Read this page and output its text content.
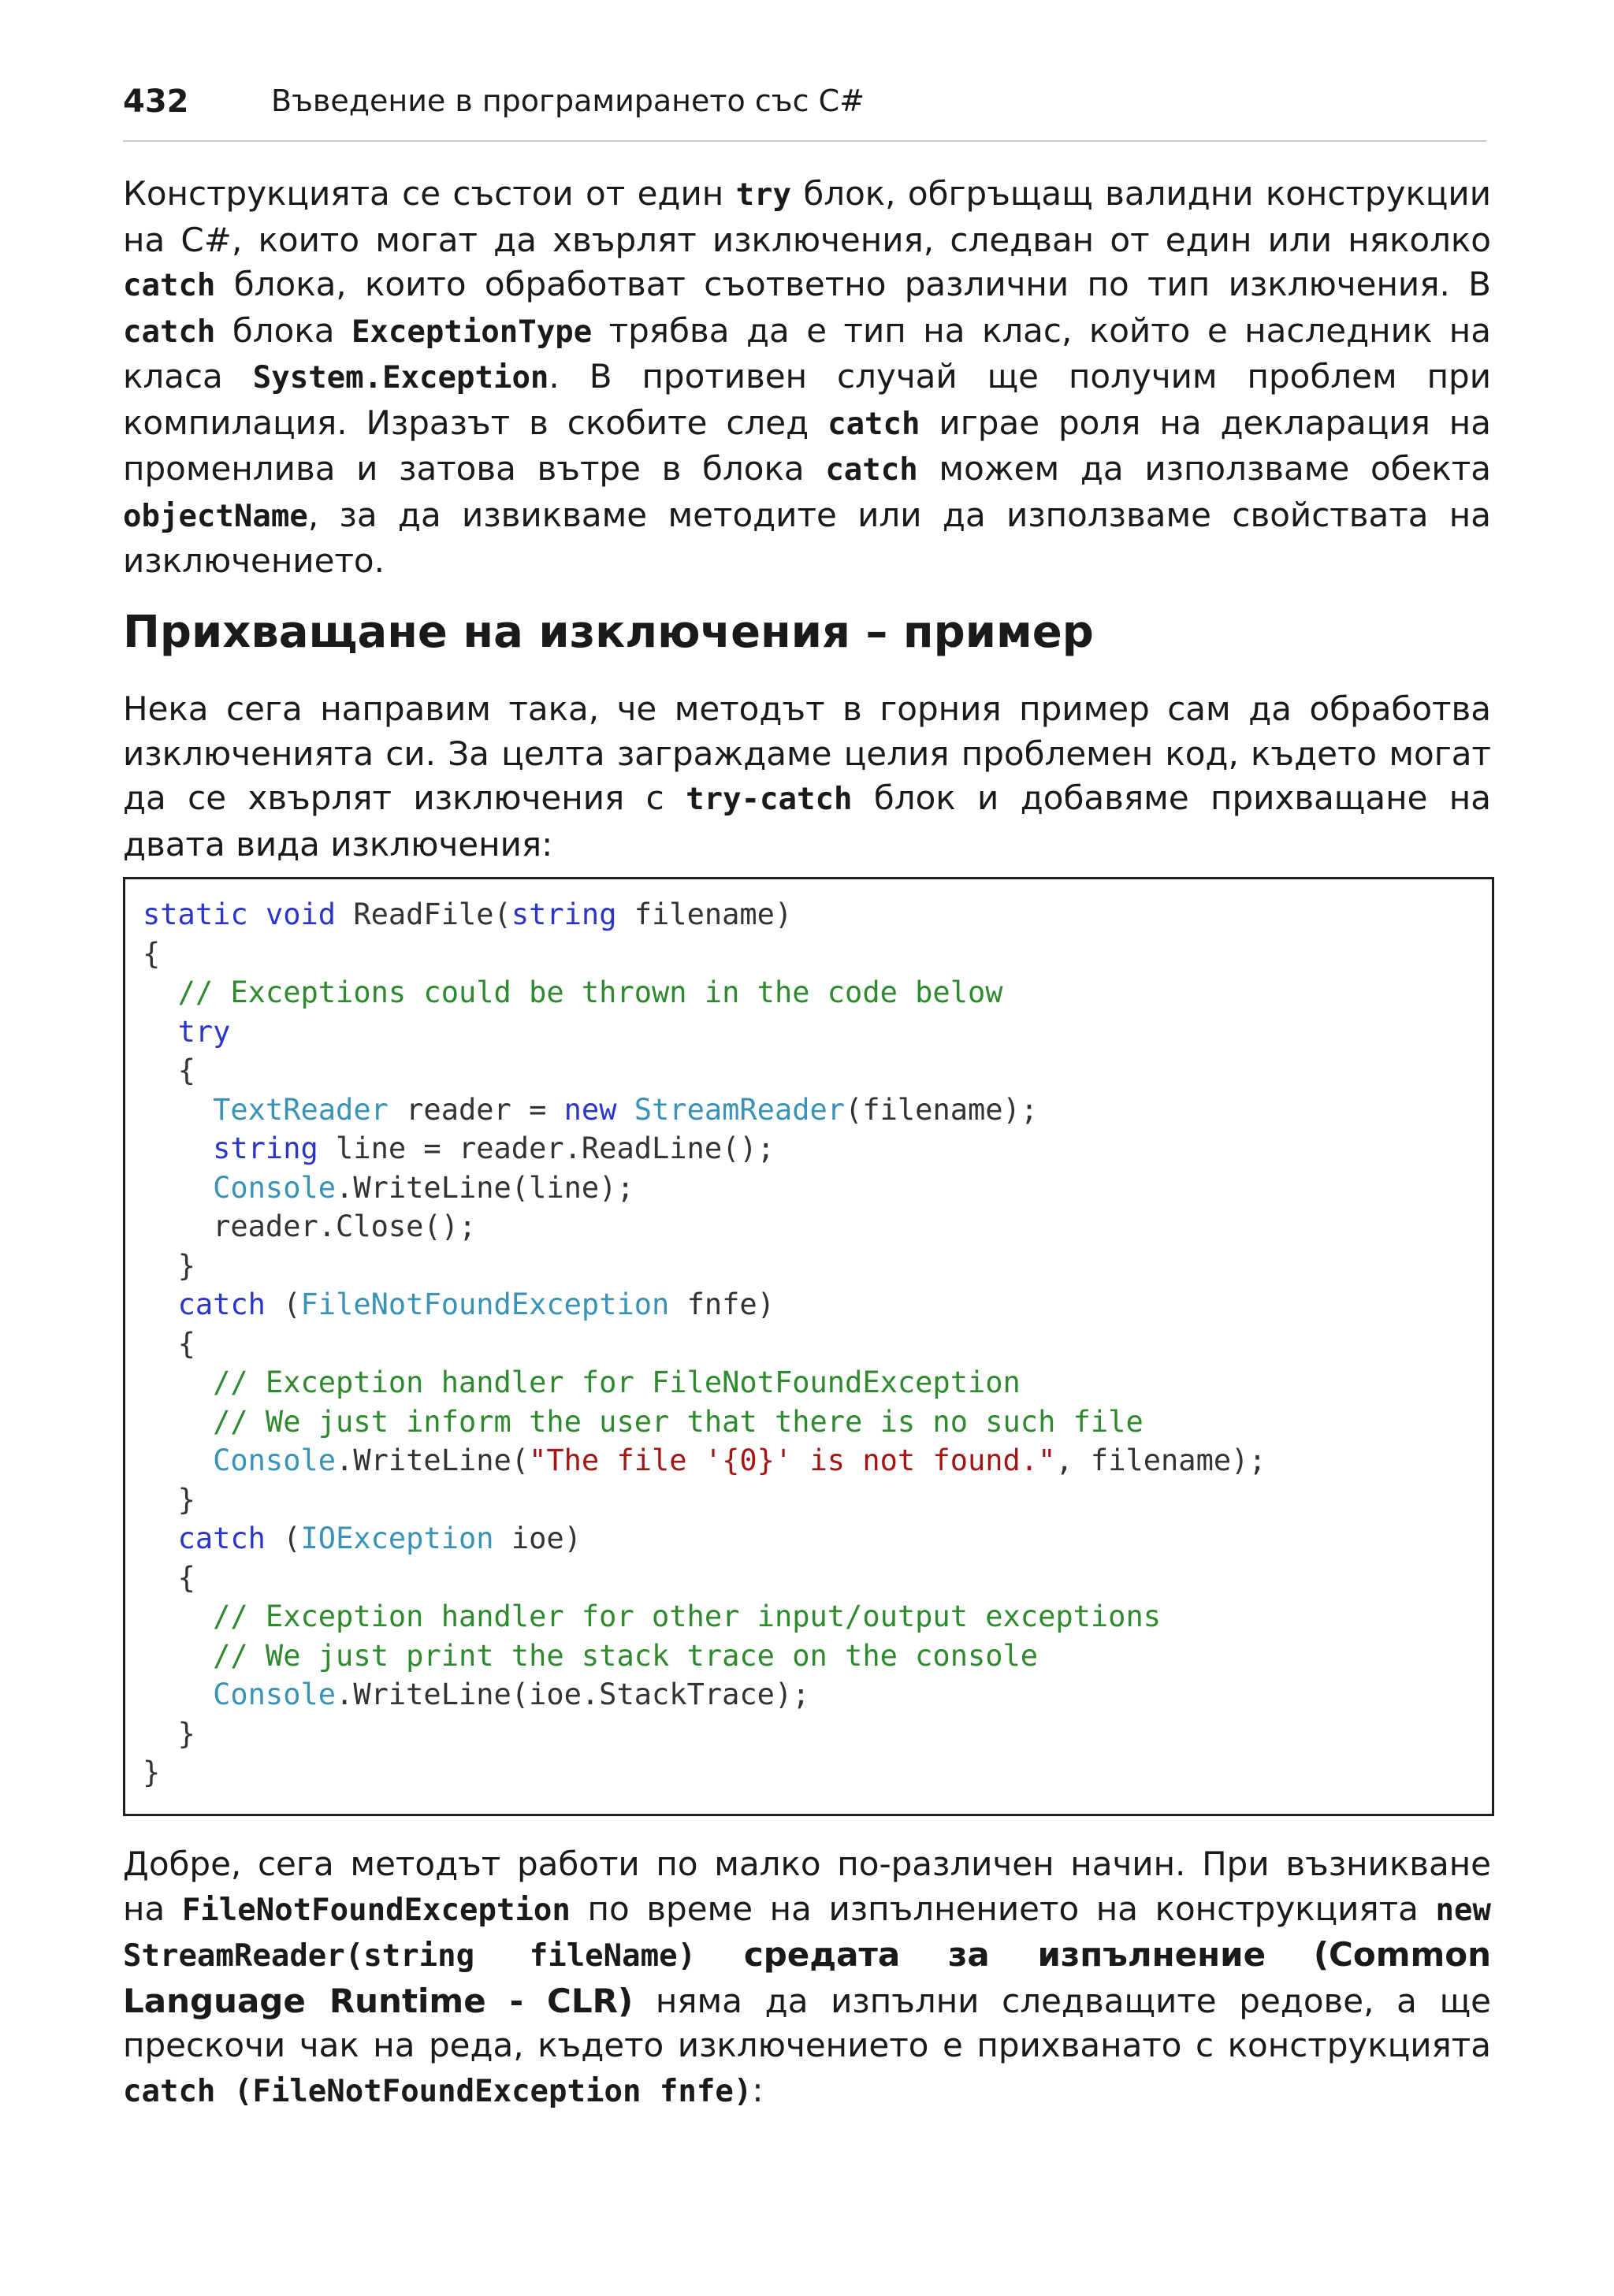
432	Въведение в програмирането със C#

Конструкцията се състои от един try блок, обгръщащ валидни конструкции на C#, които могат да хвърлят изключения, следван от един или няколко catch блока, които обработват съответно различни по тип изключения. В catch блока ExceptionType трябва да е тип на клас, който е наследник на класа System.Exception. В противен случай ще получим проблем при компилация. Изразът в скобите след catch играе роля на декларация на променлива и затова вътре в блока catch можем да използваме обекта objectName, за да извикваме методите или да използваме свойствата на изключението.

Прихващане на изключения – пример

Нека сега направим така, че методът в горния пример сам да обработва изключенията си. За целта заграждаме целия проблемен код, където могат да се хвърлят изключения с try-catch блок и добавяме прихващане на двата вида изключения:

static void ReadFile(string filename)
{
// Exceptions could be thrown in the code below
try
{
TextReader reader = new StreamReader(filename);
string line = reader.ReadLine();
Console.WriteLine(line);
reader.Close();
}
catch (FileNotFoundException fnfe)
{
// Exception handler for FileNotFoundException
// We just inform the user that there is no such file
Console.WriteLine("The file '{0}' is not found.", filename);
}
catch (IOException ioe)
{
// Exception handler for other input/output exceptions
// We just print the stack trace on the console
Console.WriteLine(ioe.StackTrace);
}
}

Добре, сега методът работи по малко по-различен начин. При възникване на FileNotFoundException по време на изпълнението на конструкцията new StreamReader(string fileName) средата за изпълнение (Common Language Runtime - CLR) няма да изпълни следващите редове, а ще прескочи чак на реда, където изключението е прихванато с конструкцията catch (FileNotFoundException fnfe):
